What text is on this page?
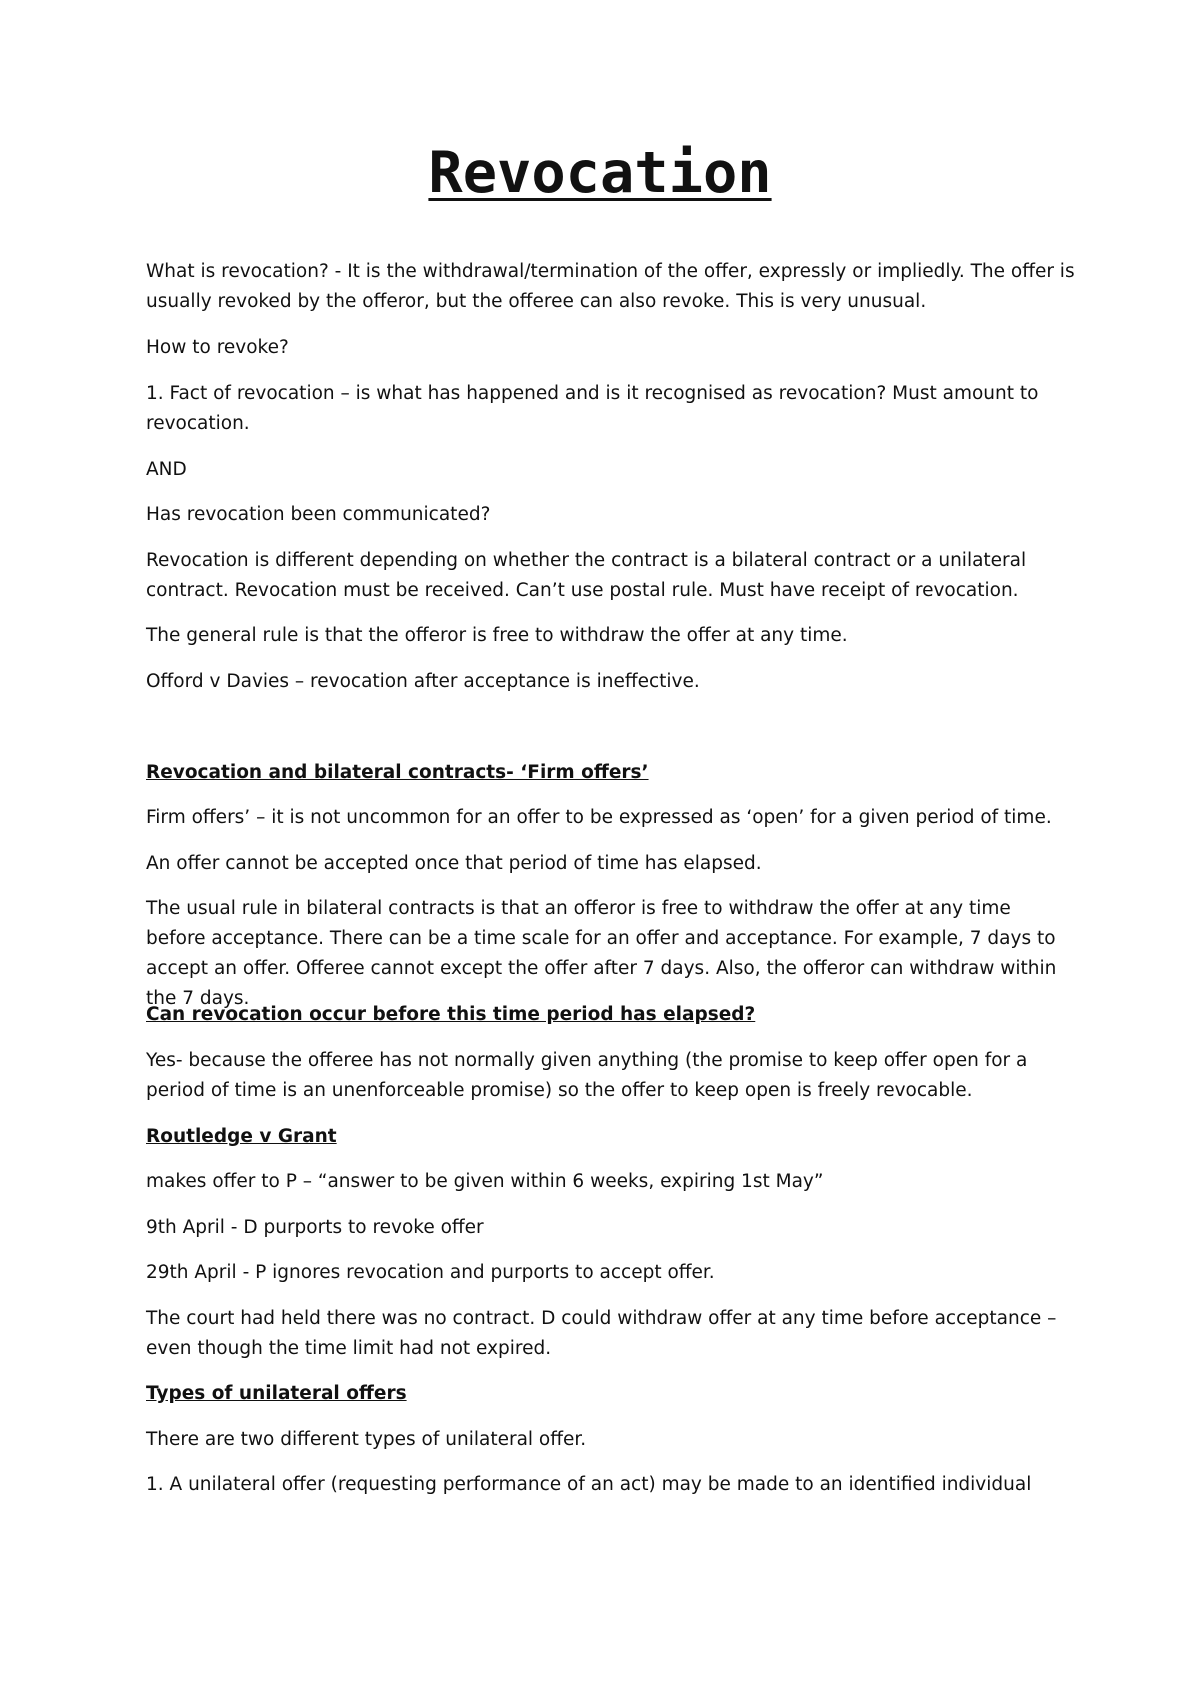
Revocation

What is revocation? - It is the withdrawal/termination of the offer, expressly or impliedly. The offer is usually revoked by the offeror, but the offeree can also revoke. This is very unusual.

How to revoke?

1. Fact of revocation – is what has happened and is it recognised as revocation? Must amount to revocation.

AND

Has revocation been communicated?

Revocation is different depending on whether the contract is a bilateral contract or a unilateral contract. Revocation must be received. Can’t use postal rule. Must have receipt of revocation.

The general rule is that the offeror is free to withdraw the offer at any time.

Offord v Davies – revocation after acceptance is ineffective.

Revocation and bilateral contracts- ‘Firm offers’

Firm offers’ – it is not uncommon for an offer to be expressed as ‘open’ for a given period of time.

An offer cannot be accepted once that period of time has elapsed.

The usual rule in bilateral contracts is that an offeror is free to withdraw the offer at any time before acceptance. There can be a time scale for an offer and acceptance. For example, 7 days to accept an offer. Offeree cannot except the offer after 7 days. Also, the offeror can withdraw within the 7 days.

Can revocation occur before this time period has elapsed?

Yes- because the offeree has not normally given anything (the promise to keep offer open for a period of time is an unenforceable promise) so the offer to keep open is freely revocable.

Routledge v Grant

makes offer to P – “answer to be given within 6 weeks, expiring 1st May”

9th April - D purports to revoke offer

29th April - P ignores revocation and purports to accept offer.

The court had held there was no contract. D could withdraw offer at any time before acceptance – even though the time limit had not expired.

Types of unilateral offers

There are two different types of unilateral offer.

1. A unilateral offer (requesting performance of an act) may be made to an identified individual
